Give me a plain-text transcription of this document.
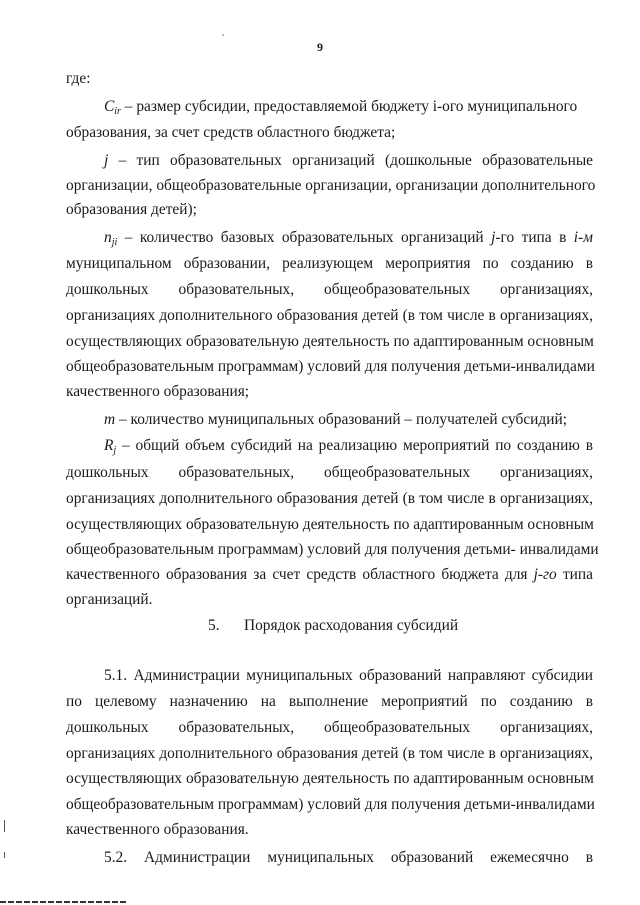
9
где:
$C_{ir}$ – размер субсидии, предоставляемой бюджету i-ого муниципального
образования, за счет средств областного бюджета;
j – тип образовательных организаций (дошкольные образовательные
организации, общеобразовательные организации, организации дополнительного
образования детей);
$n_{ji}$ – количество базовых образовательных организаций j-го типа в i-м
муниципальном образовании, реализующем мероприятия по созданию в
дошкольных образовательных, общеобразовательных организациях,
организациях дополнительного образования детей (в том числе в организациях,
осуществляющих образовательную деятельность по адаптированным основным
общеобразовательным программам) условий для получения детьми-инвалидами
качественного образования;
m – количество муниципальных образований – получателей субсидий;
$R_j$ – общий объем субсидий на реализацию мероприятий по созданию в
дошкольных образовательных, общеобразовательных организациях,
организациях дополнительного образования детей (в том числе в организациях,
осуществляющих образовательную деятельность по адаптированным основным
общеобразовательным программам) условий для получения детьми- инвалидами
качественного образования за счет средств областного бюджета для j-го типа
организаций.
5. Порядок расходования субсидий
5.1. Администрации муниципальных образований направляют субсидии
по целевому назначению на выполнение мероприятий по созданию в
дошкольных образовательных, общеобразовательных организациях,
организациях дополнительного образования детей (в том числе в организациях,
осуществляющих образовательную деятельность по адаптированным основным
общеобразовательным программам) условий для получения детьми-инвалидами
качественного образования.
5.2. Администрации муниципальных образований ежемесячно в
